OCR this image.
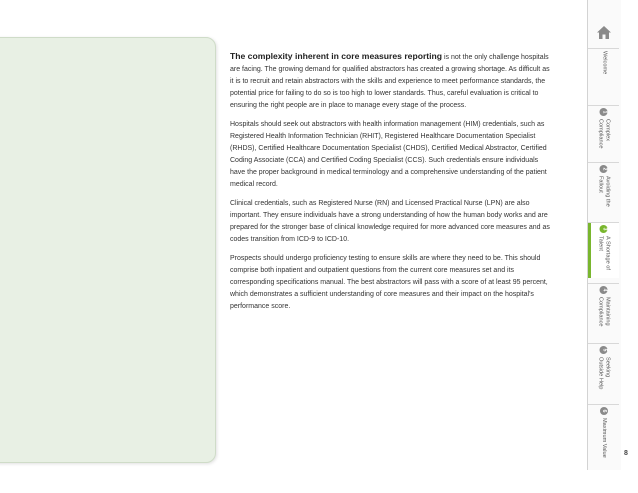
The complexity inherent in core measures reporting is not the only challenge hospitals are facing. The growing demand for qualified abstractors has created a growing shortage. As difficult as it is to recruit and retain abstractors with the skills and experience to meet performance standards, the potential price for failing to do so is too high to lower standards. Thus, careful evaluation is critical to ensuring the right people are in place to manage every stage of the process.

Hospitals should seek out abstractors with health information management (HIM) credentials, such as Registered Health Information Technician (RHIT), Registered Healthcare Documentation Specialist (RHDS), Certified Healthcare Documentation Specialist (CHDS), Certified Medical Abstractor, Certified Coding Associate (CCA) and Certified Coding Specialist (CCS). Such credentials ensure individuals have the proper background in medical terminology and a comprehensive understanding of the patient medical record.

Clinical credentials, such as Registered Nurse (RN) and Licensed Practical Nurse (LPN) are also important. They ensure individuals have a strong understanding of how the human body works and are prepared for the stronger base of clinical knowledge required for more advanced core measures and as codes transition from ICD-9 to ICD-10.

Prospects should undergo proficiency testing to ensure skills are where they need to be. This should comprise both inpatient and outpatient questions from the current core measures set and its corresponding specifications manual. The best abstractors will pass with a score of at least 95 percent, which demonstrates a sufficient understanding of core measures and their impact on the hospital's performance score.

Welcome
1
Complex Compliance
2
Avoiding the Fallout
3
A Shortage of Talent
4
Maintaining Compliance
5
Seeking Outside Help
6
Maximum Value	8
